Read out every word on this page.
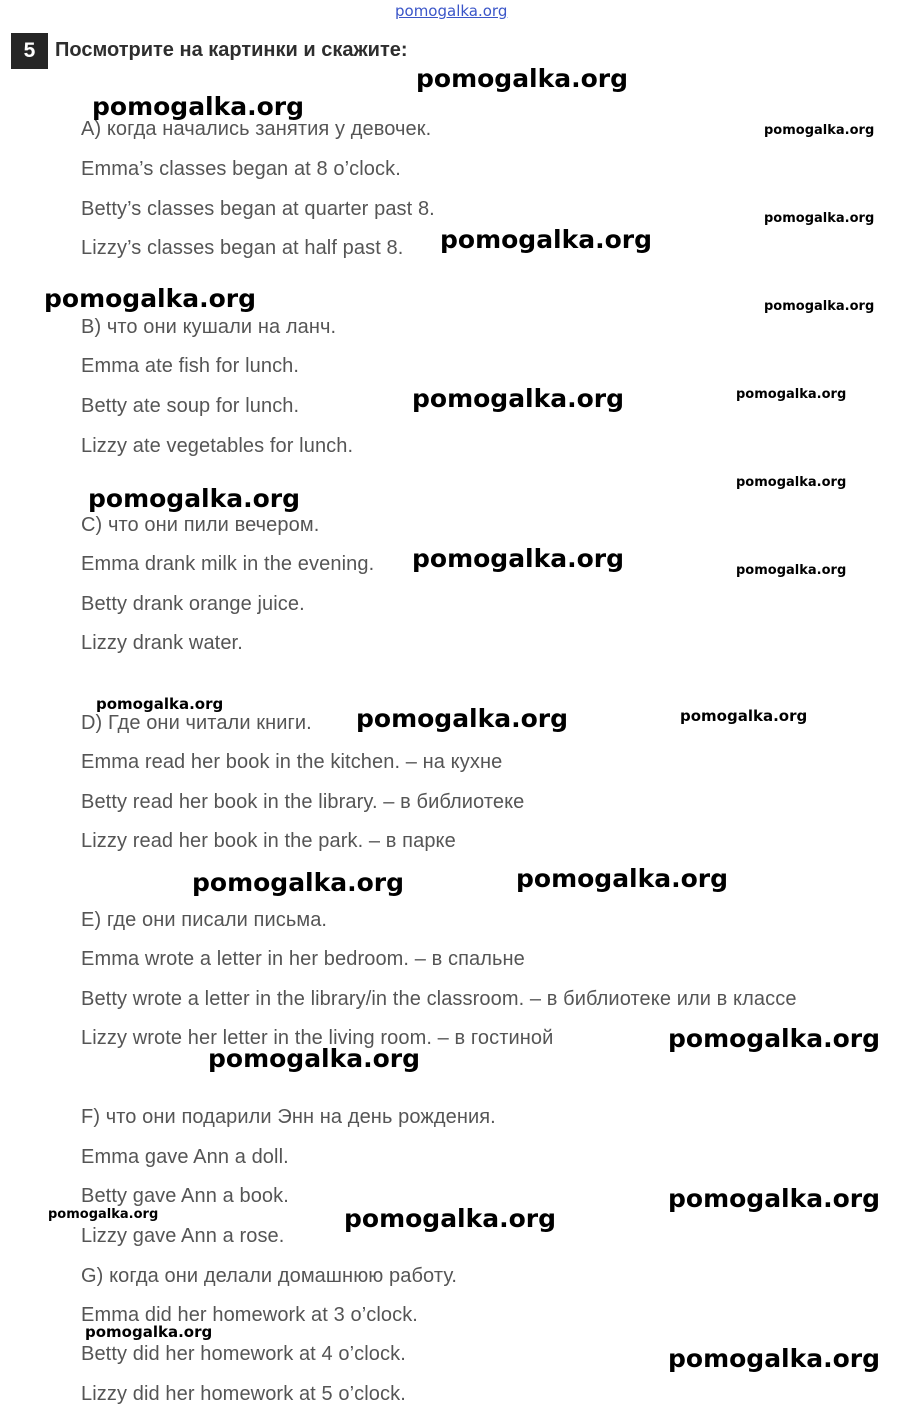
pomogalka.org
5 Посмотрите на картинки и скажите:
A) когда начались занятия у девочек.
Emma’s classes began at 8 o’clock.
Betty’s classes began at quarter past 8.
Lizzy’s classes began at half past 8.
B) что они кушали на ланч.
Emma ate fish for lunch.
Betty ate soup for lunch.
Lizzy ate vegetables for lunch.
C) что они пили вечером.
Emma drank milk in the evening.
Betty drank orange juice.
Lizzy drank water.
D) Где они читали книги.
Emma read her book in the kitchen. – на кухне
Betty read her book in the library. – в библиотеке
Lizzy read her book in the park. – в парке
E) где они писали письма.
Emma wrote a letter in her bedroom. – в спальне
Betty wrote a letter in the library/in the classroom. – в библиотеке или в классе
Lizzy wrote her letter in the living room. – в гостиной
F) что они подарили Энн на день рождения.
Emma gave Ann a doll.
Betty gave Ann a book.
Lizzy gave Ann a rose.
G) когда они делали домашнюю работу.
Emma did her homework at 3 o’clock.
Betty did her homework at 4 o’clock.
Lizzy did her homework at 5 o’clock.
pomogalka.org
pomogalka.org
pomogalka.org
pomogalka.org
pomogalka.org
pomogalka.org	pomogalka.org
pomogalka.org	pomogalka.org
pomogalka.org
pomogalka.org
pomogalka.org	pomogalka.org
pomogalka.org	pomogalka.org	pomogalka.org
pomogalka.org
pomogalka.org
pomogalka.org
pomogalka.org
pomogalka.org
pomogalka.org	pomogalka.org
pomogalka.org
pomogalka.org
